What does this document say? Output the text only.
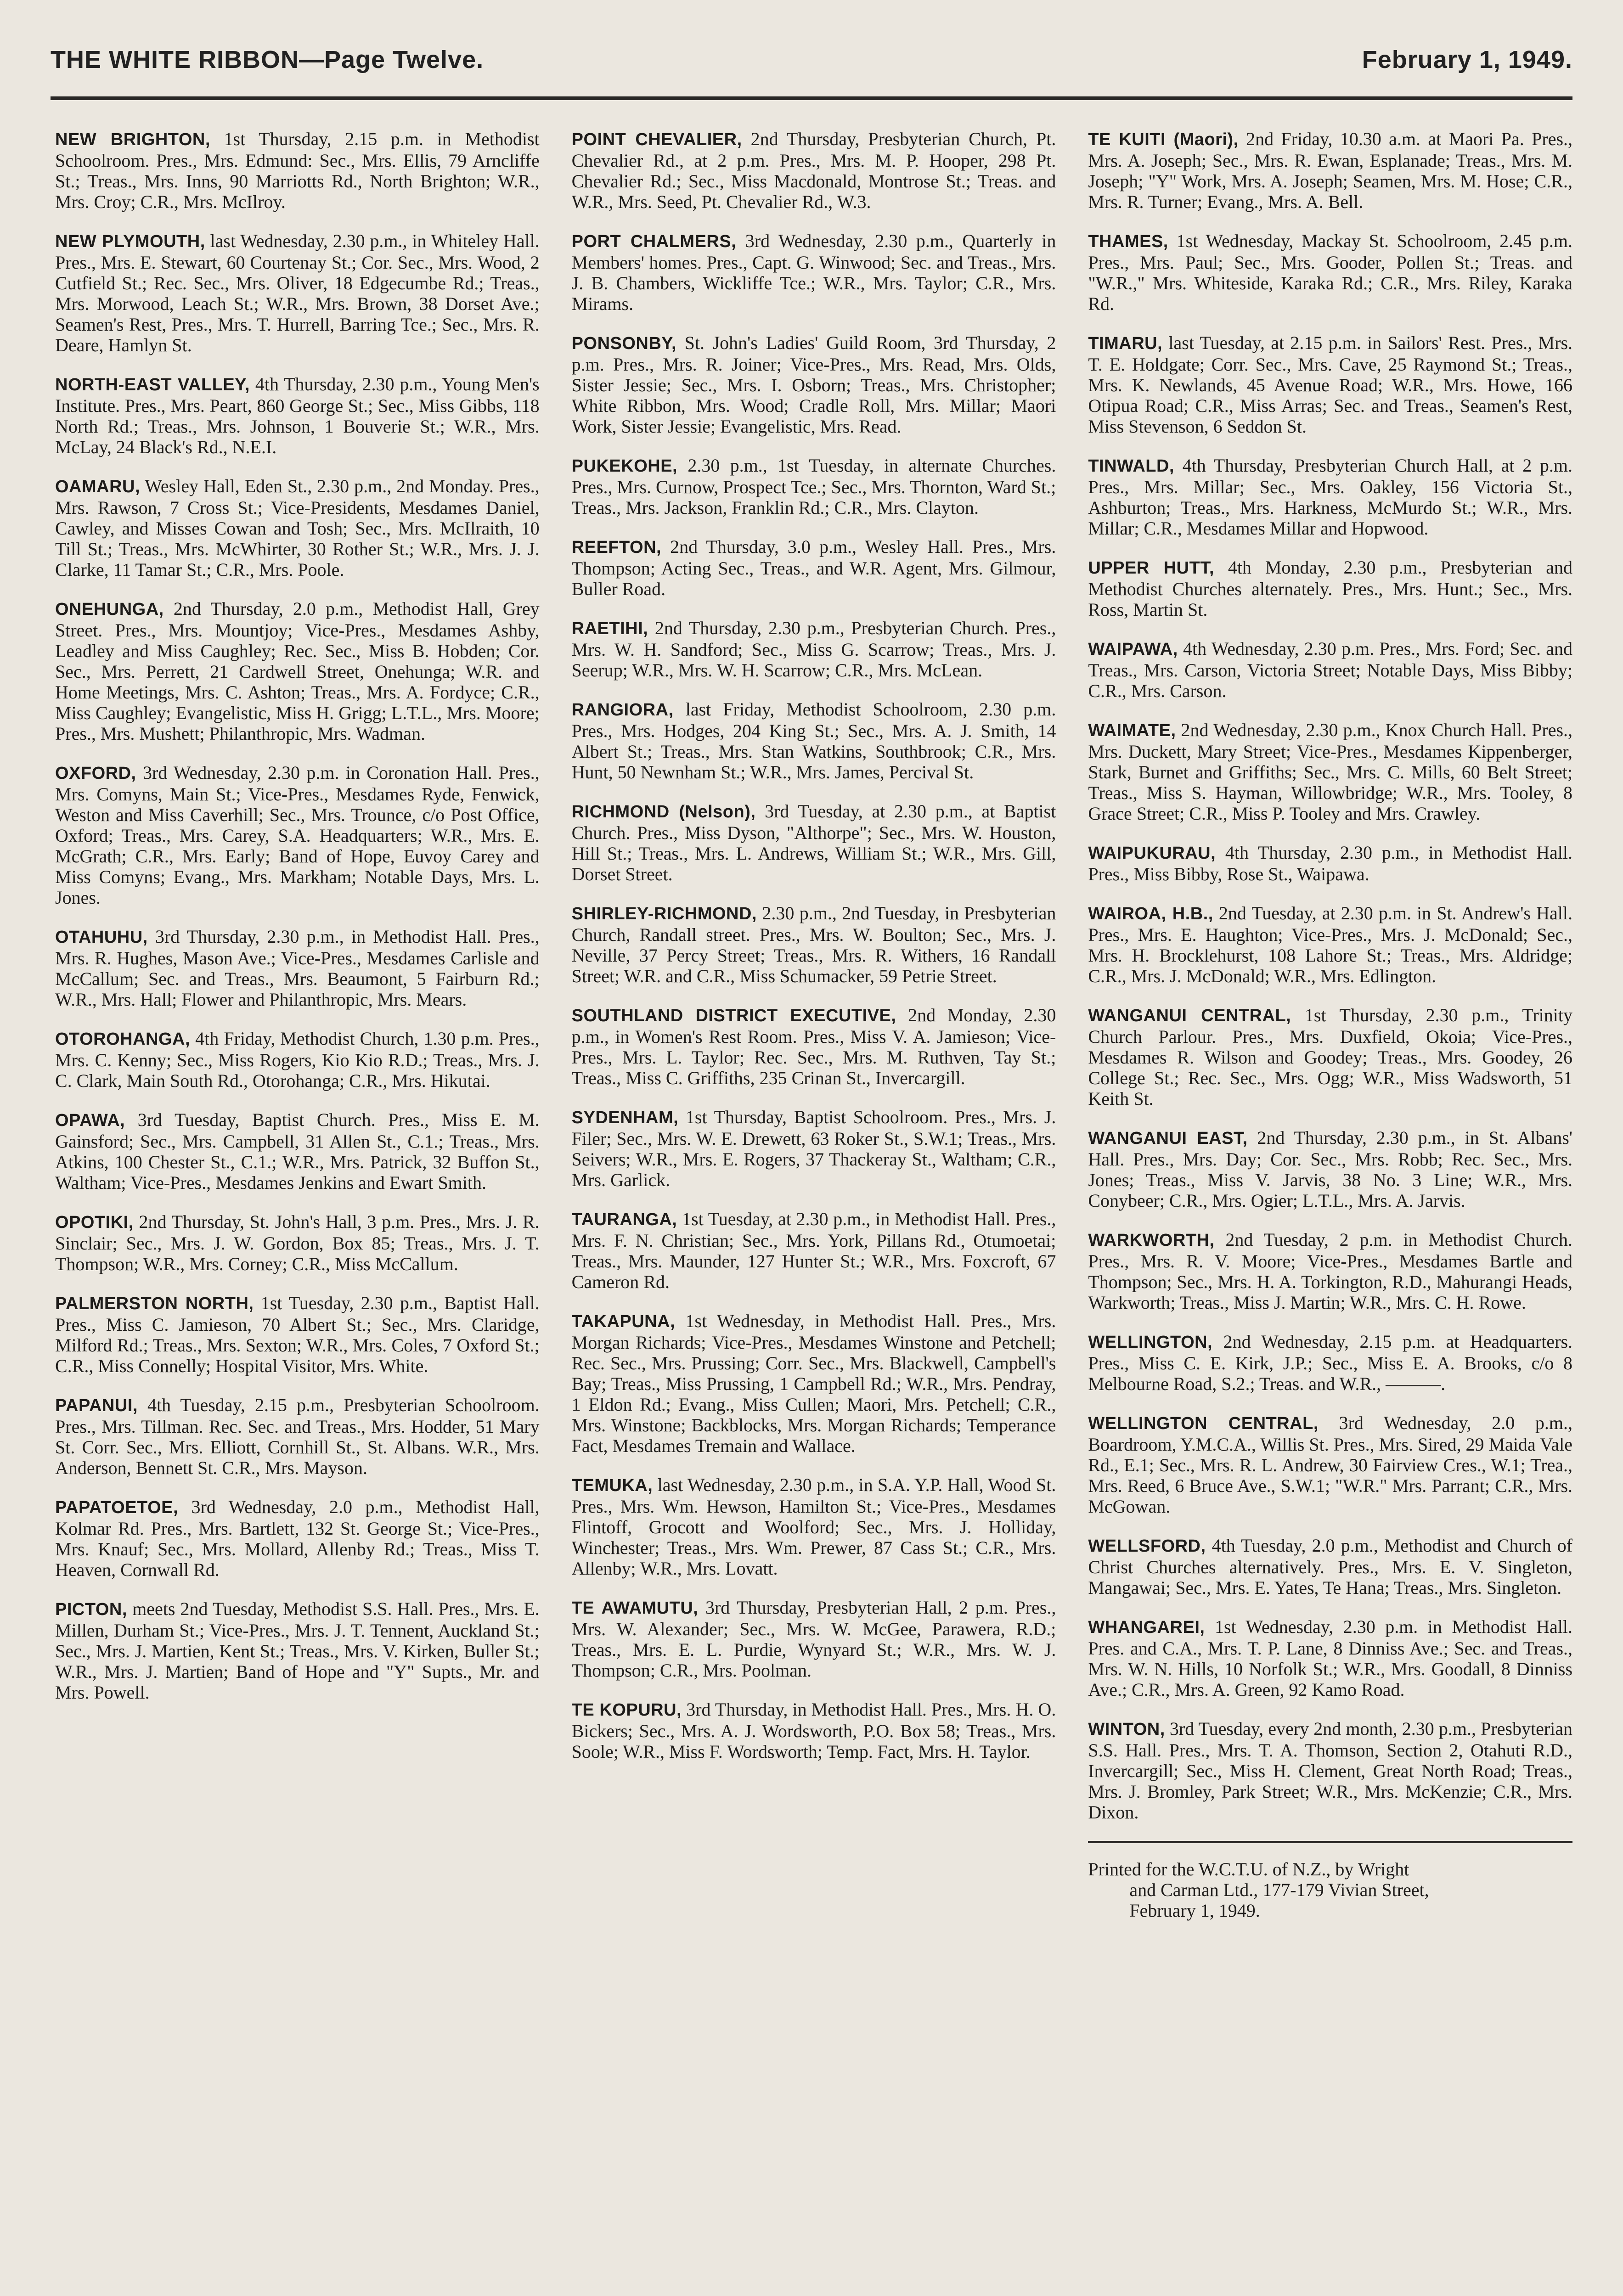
THE WHITE RIBBON—Page Twelve.	February 1, 1949.

NEW BRIGHTON, 1st Thursday, 2.15 p.m. in Methodist Schoolroom. Pres., Mrs. Edmund: Sec., Mrs. Ellis, 79 Arncliffe St.; Treas., Mrs. Inns, 90 Marriotts Rd., North Brighton; W.R., Mrs. Croy; C.R., Mrs. McIlroy.

NEW PLYMOUTH, last Wednesday, 2.30 p.m., in Whiteley Hall. Pres., Mrs. E. Stewart, 60 Courtenay St.; Cor. Sec., Mrs. Wood, 2 Cutfield St.; Rec. Sec., Mrs. Oliver, 18 Edgecumbe Rd.; Treas., Mrs. Morwood, Leach St.; W.R., Mrs. Brown, 38 Dorset Ave.; Seamen's Rest, Pres., Mrs. T. Hurrell, Barring Tce.; Sec., Mrs. R. Deare, Hamlyn St.

NORTH-EAST VALLEY, 4th Thursday, 2.30 p.m., Young Men's Institute. Pres., Mrs. Peart, 860 George St.; Sec., Miss Gibbs, 118 North Rd.; Treas., Mrs. Johnson, 1 Bouverie St.; W.R., Mrs. McLay, 24 Black's Rd., N.E.I.

OAMARU, Wesley Hall, Eden St., 2.30 p.m., 2nd Monday. Pres., Mrs. Rawson, 7 Cross St.; Vice-Presidents, Mesdames Daniel, Cawley, and Misses Cowan and Tosh; Sec., Mrs. McIlraith, 10 Till St.; Treas., Mrs. McWhirter, 30 Rother St.; W.R., Mrs. J. J. Clarke, 11 Tamar St.; C.R., Mrs. Poole.

ONEHUNGA, 2nd Thursday, 2.0 p.m., Methodist Hall, Grey Street. Pres., Mrs. Mountjoy; Vice-Pres., Mesdames Ashby, Leadley and Miss Caughley; Rec. Sec., Miss B. Hobden; Cor. Sec., Mrs. Perrett, 21 Cardwell Street, Onehunga; W.R. and Home Meetings, Mrs. C. Ashton; Treas., Mrs. A. Fordyce; C.R., Miss Caughley; Evangelistic, Miss H. Grigg; L.T.L., Mrs. Moore; Pres., Mrs. Mushett; Philanthropic, Mrs. Wadman.

OXFORD, 3rd Wednesday, 2.30 p.m. in Coronation Hall. Pres., Mrs. Comyns, Main St.; Vice-Pres., Mesdames Ryde, Fenwick, Weston and Miss Caverhill; Sec., Mrs. Trounce, c/o Post Office, Oxford; Treas., Mrs. Carey, S.A. Headquarters; W.R., Mrs. E. McGrath; C.R., Mrs. Early; Band of Hope, Euvoy Carey and Miss Comyns; Evang., Mrs. Markham; Notable Days, Mrs. L. Jones.

OTAHUHU, 3rd Thursday, 2.30 p.m., in Methodist Hall. Pres., Mrs. R. Hughes, Mason Ave.; Vice-Pres., Mesdames Carlisle and McCallum; Sec. and Treas., Mrs. Beaumont, 5 Fairburn Rd.; W.R., Mrs. Hall; Flower and Philanthropic, Mrs. Mears.

OTOROHANGA, 4th Friday, Methodist Church, 1.30 p.m. Pres., Mrs. C. Kenny; Sec., Miss Rogers, Kio Kio R.D.; Treas., Mrs. J. C. Clark, Main South Rd., Otorohanga; C.R., Mrs. Hikutai.

OPAWA, 3rd Tuesday, Baptist Church. Pres., Miss E. M. Gainsford; Sec., Mrs. Campbell, 31 Allen St., C.1.; Treas., Mrs. Atkins, 100 Chester St., C.1.; W.R., Mrs. Patrick, 32 Buffon St., Waltham; Vice-Pres., Mesdames Jenkins and Ewart Smith.

OPOTIKI, 2nd Thursday, St. John's Hall, 3 p.m. Pres., Mrs. J. R. Sinclair; Sec., Mrs. J. W. Gordon, Box 85; Treas., Mrs. J. T. Thompson; W.R., Mrs. Corney; C.R., Miss McCallum.

PALMERSTON NORTH, 1st Tuesday, 2.30 p.m., Baptist Hall. Pres., Miss C. Jamieson, 70 Albert St.; Sec., Mrs. Claridge, Milford Rd.; Treas., Mrs. Sexton; W.R., Mrs. Coles, 7 Oxford St.; C.R., Miss Connelly; Hospital Visitor, Mrs. White.

PAPANUI, 4th Tuesday, 2.15 p.m., Presbyterian Schoolroom. Pres., Mrs. Tillman. Rec. Sec. and Treas., Mrs. Hodder, 51 Mary St. Corr. Sec., Mrs. Elliott, Cornhill St., St. Albans. W.R., Mrs. Anderson, Bennett St. C.R., Mrs. Mayson.

PAPATOETOE, 3rd Wednesday, 2.0 p.m., Methodist Hall, Kolmar Rd. Pres., Mrs. Bartlett, 132 St. George St.; Vice-Pres., Mrs. Knauf; Sec., Mrs. Mollard, Allenby Rd.; Treas., Miss T. Heaven, Cornwall Rd.

PICTON, meets 2nd Tuesday, Methodist S.S. Hall. Pres., Mrs. E. Millen, Durham St.; Vice-Pres., Mrs. J. T. Tennent, Auckland St.; Sec., Mrs. J. Martien, Kent St.; Treas., Mrs. V. Kirken, Buller St.; W.R., Mrs. J. Martien; Band of Hope and "Y" Supts., Mr. and Mrs. Powell.

POINT CHEVALIER, 2nd Thursday, Presbyterian Church, Pt. Chevalier Rd., at 2 p.m. Pres., Mrs. M. P. Hooper, 298 Pt. Chevalier Rd.; Sec., Miss Macdonald, Montrose St.; Treas. and W.R., Mrs. Seed, Pt. Chevalier Rd., W.3.

PORT CHALMERS, 3rd Wednesday, 2.30 p.m., Quarterly in Members' homes. Pres., Capt. G. Winwood; Sec. and Treas., Mrs. J. B. Chambers, Wickliffe Tce.; W.R., Mrs. Taylor; C.R., Mrs. Mirams.

PONSONBY, St. John's Ladies' Guild Room, 3rd Thursday, 2 p.m. Pres., Mrs. R. Joiner; Vice-Pres., Mrs. Read, Mrs. Olds, Sister Jessie; Sec., Mrs. I. Osborn; Treas., Mrs. Christopher; White Ribbon, Mrs. Wood; Cradle Roll, Mrs. Millar; Maori Work, Sister Jessie; Evangelistic, Mrs. Read.

PUKEKOHE, 2.30 p.m., 1st Tuesday, in alternate Churches. Pres., Mrs. Curnow, Prospect Tce.; Sec., Mrs. Thornton, Ward St.; Treas., Mrs. Jackson, Franklin Rd.; C.R., Mrs. Clayton.

REEFTON, 2nd Thursday, 3.0 p.m., Wesley Hall. Pres., Mrs. Thompson; Acting Sec., Treas., and W.R. Agent, Mrs. Gilmour, Buller Road.

RAETIHI, 2nd Thursday, 2.30 p.m., Presbyterian Church. Pres., Mrs. W. H. Sandford; Sec., Miss G. Scarrow; Treas., Mrs. J. Seerup; W.R., Mrs. W. H. Scarrow; C.R., Mrs. McLean.

RANGIORA, last Friday, Methodist Schoolroom, 2.30 p.m. Pres., Mrs. Hodges, 204 King St.; Sec., Mrs. A. J. Smith, 14 Albert St.; Treas., Mrs. Stan Watkins, Southbrook; C.R., Mrs. Hunt, 50 Newnham St.; W.R., Mrs. James, Percival St.

RICHMOND (Nelson), 3rd Tuesday, at 2.30 p.m., at Baptist Church. Pres., Miss Dyson, "Althorpe"; Sec., Mrs. W. Houston, Hill St.; Treas., Mrs. L. Andrews, William St.; W.R., Mrs. Gill, Dorset Street.

SHIRLEY-RICHMOND, 2.30 p.m., 2nd Tuesday, in Presbyterian Church, Randall street. Pres., Mrs. W. Boulton; Sec., Mrs. J. Neville, 37 Percy Street; Treas., Mrs. R. Withers, 16 Randall Street; W.R. and C.R., Miss Schumacker, 59 Petrie Street.

SOUTHLAND DISTRICT EXECUTIVE, 2nd Monday, 2.30 p.m., in Women's Rest Room. Pres., Miss V. A. Jamieson; Vice-Pres., Mrs. L. Taylor; Rec. Sec., Mrs. M. Ruthven, Tay St.; Treas., Miss C. Griffiths, 235 Crinan St., Invercargill.

SYDENHAM, 1st Thursday, Baptist Schoolroom. Pres., Mrs. J. Filer; Sec., Mrs. W. E. Drewett, 63 Roker St., S.W.1; Treas., Mrs. Seivers; W.R., Mrs. E. Rogers, 37 Thackeray St., Waltham; C.R., Mrs. Garlick.

TAURANGA, 1st Tuesday, at 2.30 p.m., in Methodist Hall. Pres., Mrs. F. N. Christian; Sec., Mrs. York, Pillans Rd., Otumoetai; Treas., Mrs. Maunder, 127 Hunter St.; W.R., Mrs. Foxcroft, 67 Cameron Rd.

TAKAPUNA, 1st Wednesday, in Methodist Hall. Pres., Mrs. Morgan Richards; Vice-Pres., Mesdames Winstone and Petchell; Rec. Sec., Mrs. Prussing; Corr. Sec., Mrs. Blackwell, Campbell's Bay; Treas., Miss Prussing, 1 Campbell Rd.; W.R., Mrs. Pendray, 1 Eldon Rd.; Evang., Miss Cullen; Maori, Mrs. Petchell; C.R., Mrs. Winstone; Backblocks, Mrs. Morgan Richards; Temperance Fact, Mesdames Tremain and Wallace.

TEMUKA, last Wednesday, 2.30 p.m., in S.A. Y.P. Hall, Wood St. Pres., Mrs. Wm. Hewson, Hamilton St.; Vice-Pres., Mesdames Flintoff, Grocott and Woolford; Sec., Mrs. J. Holliday, Winchester; Treas., Mrs. Wm. Prewer, 87 Cass St.; C.R., Mrs. Allenby; W.R., Mrs. Lovatt.

TE AWAMUTU, 3rd Thursday, Presbyterian Hall, 2 p.m. Pres., Mrs. W. Alexander; Sec., Mrs. W. McGee, Parawera, R.D.; Treas., Mrs. E. L. Purdie, Wynyard St.; W.R., Mrs. W. J. Thompson; C.R., Mrs. Poolman.

TE KOPURU, 3rd Thursday, in Methodist Hall. Pres., Mrs. H. O. Bickers; Sec., Mrs. A. J. Wordsworth, P.O. Box 58; Treas., Mrs. Soole; W.R., Miss F. Wordsworth; Temp. Fact, Mrs. H. Taylor.

TE KUITI (Maori), 2nd Friday, 10.30 a.m. at Maori Pa. Pres., Mrs. A. Joseph; Sec., Mrs. R. Ewan, Esplanade; Treas., Mrs. M. Joseph; "Y" Work, Mrs. A. Joseph; Seamen, Mrs. M. Hose; C.R., Mrs. R. Turner; Evang., Mrs. A. Bell.

THAMES, 1st Wednesday, Mackay St. Schoolroom, 2.45 p.m. Pres., Mrs. Paul; Sec., Mrs. Gooder, Pollen St.; Treas. and "W.R.," Mrs. Whiteside, Karaka Rd.; C.R., Mrs. Riley, Karaka Rd.

TIMARU, last Tuesday, at 2.15 p.m. in Sailors' Rest. Pres., Mrs. T. E. Holdgate; Corr. Sec., Mrs. Cave, 25 Raymond St.; Treas., Mrs. K. Newlands, 45 Avenue Road; W.R., Mrs. Howe, 166 Otipua Road; C.R., Miss Arras; Sec. and Treas., Seamen's Rest, Miss Stevenson, 6 Seddon St.

TINWALD, 4th Thursday, Presbyterian Church Hall, at 2 p.m. Pres., Mrs. Millar; Sec., Mrs. Oakley, 156 Victoria St., Ashburton; Treas., Mrs. Harkness, McMurdo St.; W.R., Mrs. Millar; C.R., Mesdames Millar and Hopwood.

UPPER HUTT, 4th Monday, 2.30 p.m., Presbyterian and Methodist Churches alternately. Pres., Mrs. Hunt.; Sec., Mrs. Ross, Martin St.

WAIPAWA, 4th Wednesday, 2.30 p.m. Pres., Mrs. Ford; Sec. and Treas., Mrs. Carson, Victoria Street; Notable Days, Miss Bibby; C.R., Mrs. Carson.

WAIMATE, 2nd Wednesday, 2.30 p.m., Knox Church Hall. Pres., Mrs. Duckett, Mary Street; Vice-Pres., Mesdames Kippenberger, Stark, Burnet and Griffiths; Sec., Mrs. C. Mills, 60 Belt Street; Treas., Miss S. Hayman, Willowbridge; W.R., Mrs. Tooley, 8 Grace Street; C.R., Miss P. Tooley and Mrs. Crawley.

WAIPUKURAU, 4th Thursday, 2.30 p.m., in Methodist Hall. Pres., Miss Bibby, Rose St., Waipawa.

WAIROA, H.B., 2nd Tuesday, at 2.30 p.m. in St. Andrew's Hall. Pres., Mrs. E. Haughton; Vice-Pres., Mrs. J. McDonald; Sec., Mrs. H. Brocklehurst, 108 Lahore St.; Treas., Mrs. Aldridge; C.R., Mrs. J. McDonald; W.R., Mrs. Edlington.

WANGANUI CENTRAL, 1st Thursday, 2.30 p.m., Trinity Church Parlour. Pres., Mrs. Duxfield, Okoia; Vice-Pres., Mesdames R. Wilson and Goodey; Treas., Mrs. Goodey, 26 College St.; Rec. Sec., Mrs. Ogg; W.R., Miss Wadsworth, 51 Keith St.

WANGANUI EAST, 2nd Thursday, 2.30 p.m., in St. Albans' Hall. Pres., Mrs. Day; Cor. Sec., Mrs. Robb; Rec. Sec., Mrs. Jones; Treas., Miss V. Jarvis, 38 No. 3 Line; W.R., Mrs. Conybeer; C.R., Mrs. Ogier; L.T.L., Mrs. A. Jarvis.

WARKWORTH, 2nd Tuesday, 2 p.m. in Methodist Church. Pres., Mrs. R. V. Moore; Vice-Pres., Mesdames Bartle and Thompson; Sec., Mrs. H. A. Torkington, R.D., Mahurangi Heads, Warkworth; Treas., Miss J. Martin; W.R., Mrs. C. H. Rowe.

WELLINGTON, 2nd Wednesday, 2.15 p.m. at Headquarters. Pres., Miss C. E. Kirk, J.P.; Sec., Miss E. A. Brooks, c/o 8 Melbourne Road, S.2.; Treas. and W.R., ———.

WELLINGTON CENTRAL, 3rd Wednesday, 2.0 p.m., Boardroom, Y.M.C.A., Willis St. Pres., Mrs. Sired, 29 Maida Vale Rd., E.1; Sec., Mrs. R. L. Andrew, 30 Fairview Cres., W.1; Trea., Mrs. Reed, 6 Bruce Ave., S.W.1; "W.R." Mrs. Parrant; C.R., Mrs. McGowan.

WELLSFORD, 4th Tuesday, 2.0 p.m., Methodist and Church of Christ Churches alternatively. Pres., Mrs. E. V. Singleton, Mangawai; Sec., Mrs. E. Yates, Te Hana; Treas., Mrs. Singleton.

WHANGAREI, 1st Wednesday, 2.30 p.m. in Methodist Hall. Pres. and C.A., Mrs. T. P. Lane, 8 Dinniss Ave.; Sec. and Treas., Mrs. W. N. Hills, 10 Norfolk St.; W.R., Mrs. Goodall, 8 Dinniss Ave.; C.R., Mrs. A. Green, 92 Kamo Road.

WINTON, 3rd Tuesday, every 2nd month, 2.30 p.m., Presbyterian S.S. Hall. Pres., Mrs. T. A. Thomson, Section 2, Otahuti R.D., Invercargill; Sec., Miss H. Clement, Great North Road; Treas., Mrs. J. Bromley, Park Street; W.R., Mrs. McKenzie; C.R., Mrs. Dixon.

Printed for the W.C.T.U. of N.Z., by Wright
and Carman Ltd., 177-179 Vivian Street,
February 1, 1949.
